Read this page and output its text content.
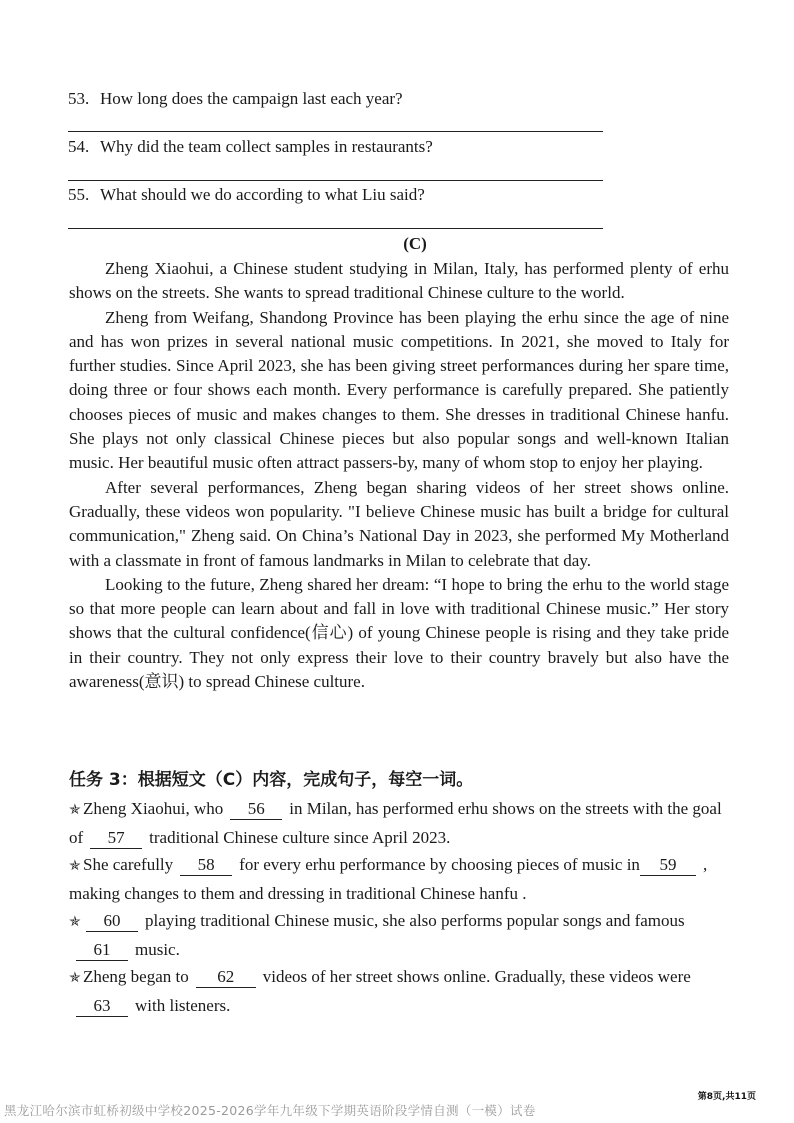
53. How long does the campaign last each year?
54. Why did the team collect samples in restaurants?
55. What should we do according to what Liu said?
(C)

Zheng Xiaohui, a Chinese student studying in Milan, Italy, has performed plenty of erhu shows on the streets. She wants to spread traditional Chinese culture to the world.

Zheng from Weifang, Shandong Province has been playing the erhu since the age of nine and has won prizes in several national music competitions. In 2021, she moved to Italy for further studies. Since April 2023, she has been giving street performances during her spare time, doing three or four shows each month. Every performance is carefully prepared. She patiently chooses pieces of music and makes changes to them. She dresses in traditional Chinese hanfu. She plays not only classical Chinese pieces but also popular songs and well-known Italian music. Her beautiful music often attract passers-by, many of whom stop to enjoy her playing.

After several performances, Zheng began sharing videos of her street shows online. Gradually, these videos won popularity. "I believe Chinese music has built a bridge for cultural communication," Zheng said. On China’s National Day in 2023, she performed My Motherland with a classmate in front of famous landmarks in Milan to celebrate that day.

Looking to the future, Zheng shared her dream: “I hope to bring the erhu to the world stage so that more people can learn about and fall in love with traditional Chinese music.” Her story shows that the cultural confidence(信心) of young Chinese people is rising and they take pride in their country. They not only express their love to their country bravely but also have the awareness(意识) to spread Chinese culture.

任务 3：根据短文（C）内容，完成句子，每空一词。
✯ Zheng Xiaohui, who 56 in Milan, has performed erhu shows on the streets with the goal of 57 traditional Chinese culture since April 2023.
✯ She carefully 58 for every erhu performance by choosing pieces of music in 59 , making changes to them and dressing in traditional Chinese hanfu .
✯ 60 playing traditional Chinese music, she also performs popular songs and famous61 music.
✯ Zheng began to 62 videos of her street shows online. Gradually, these videos were63 with listeners.
第8页,共11页
黑龙江哈尔滨市虹桥初级中学校2025-2026学年九年级下学期英语阶段学情自测（一模）试卷
